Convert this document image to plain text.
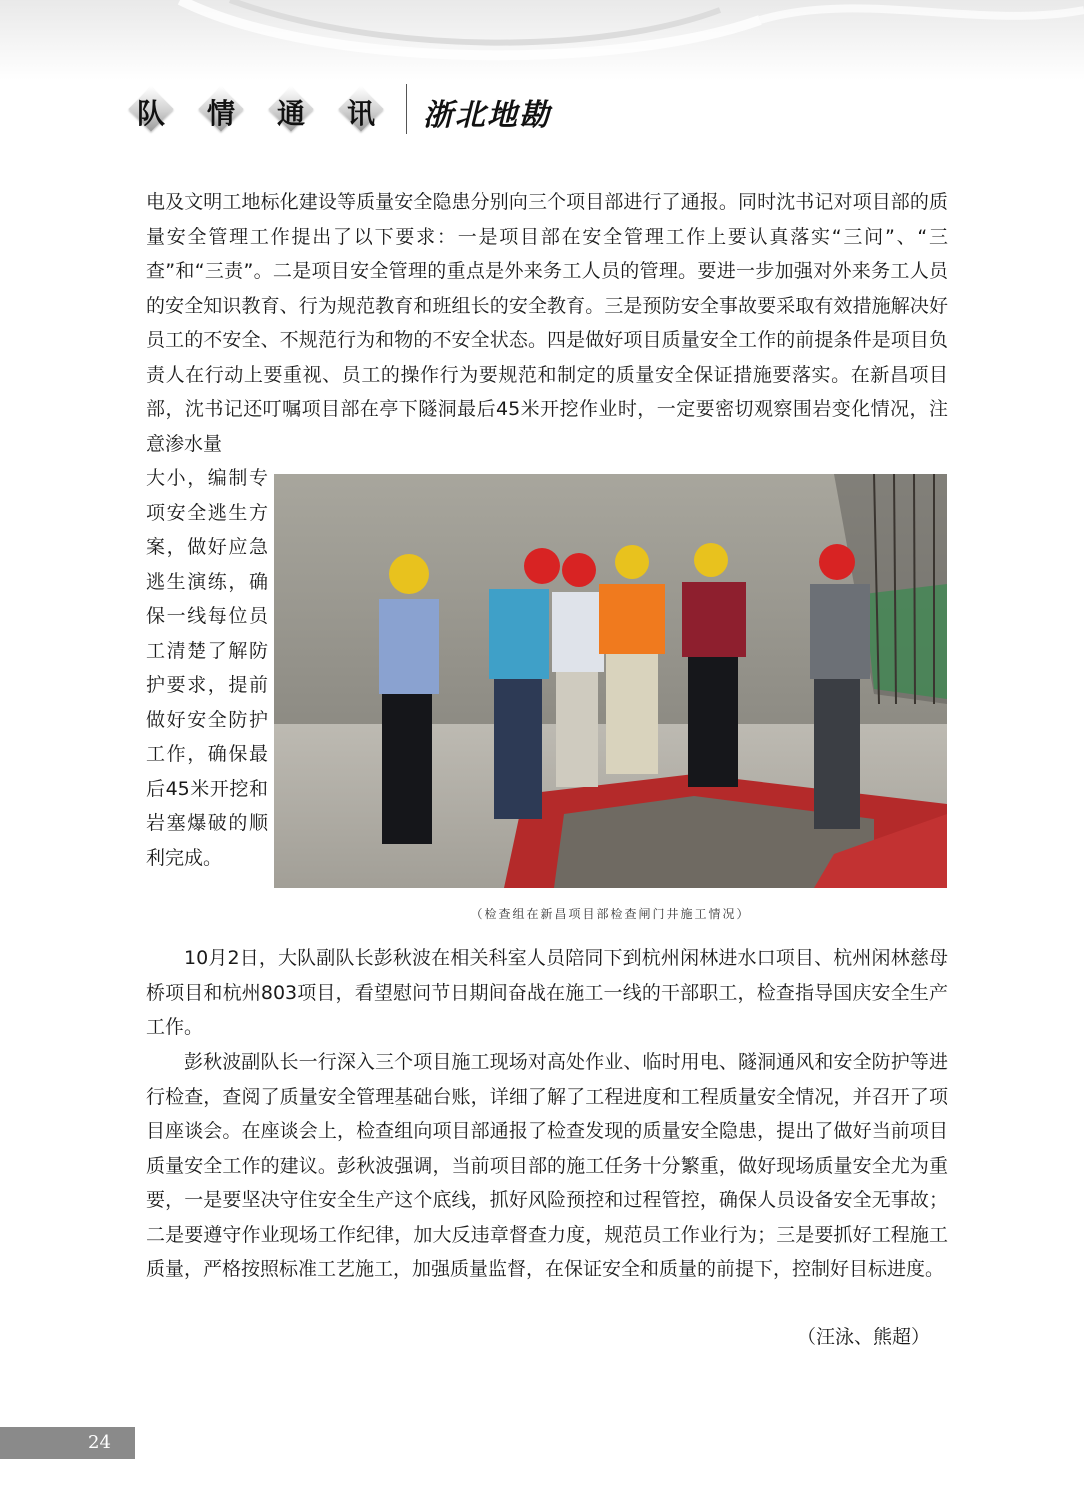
队	情	通	讯	浙北地勘

电及文明工地标化建设等质量安全隐患分别向三个项目部进行了通报。同时沈书记对项目部的质量安全管理工作提出了以下要求：一是项目部在安全管理工作上要认真落实“三问”、“三查”和“三责”。二是项目安全管理的重点是外来务工人员的管理。要进一步加强对外来务工人员的安全知识教育、行为规范教育和班组长的安全教育。三是预防安全事故要采取有效措施解决好员工的不安全、不规范行为和物的不安全状态。四是做好项目质量安全工作的前提条件是项目负责人在行动上要重视、员工的操作行为要规范和制定的质量安全保证措施要落实。在新昌项目部，沈书记还叮嘱项目部在亭下隧洞最后45米开挖作业时，一定要密切观察围岩变化情况，注意渗水量

大小，编制专项安全逃生方案，做好应急逃生演练，确保一线每位员工清楚了解防护要求，提前做好安全防护工作，确保最后45米开挖和岩塞爆破的顺利完成。

（检查组在新昌项目部检查闸门井施工情况）

10月2日，大队副队长彭秋波在相关科室人员陪同下到杭州闲林进水口项目、杭州闲林慈母桥项目和杭州803项目，看望慰问节日期间奋战在施工一线的干部职工，检查指导国庆安全生产工作。

彭秋波副队长一行深入三个项目施工现场对高处作业、临时用电、隧洞通风和安全防护等进行检查，查阅了质量安全管理基础台账，详细了解了工程进度和工程质量安全情况，并召开了项目座谈会。在座谈会上，检查组向项目部通报了检查发现的质量安全隐患，提出了做好当前项目质量安全工作的建议。彭秋波强调，当前项目部的施工任务十分繁重，做好现场质量安全尤为重要，一是要坚决守住安全生产这个底线，抓好风险预控和过程管控，确保人员设备安全无事故；二是要遵守作业现场工作纪律，加大反违章督查力度，规范员工作业行为；三是要抓好工程施工质量，严格按照标准工艺施工，加强质量监督，在保证安全和质量的前提下，控制好目标进度。

（汪泳、熊超）
24
